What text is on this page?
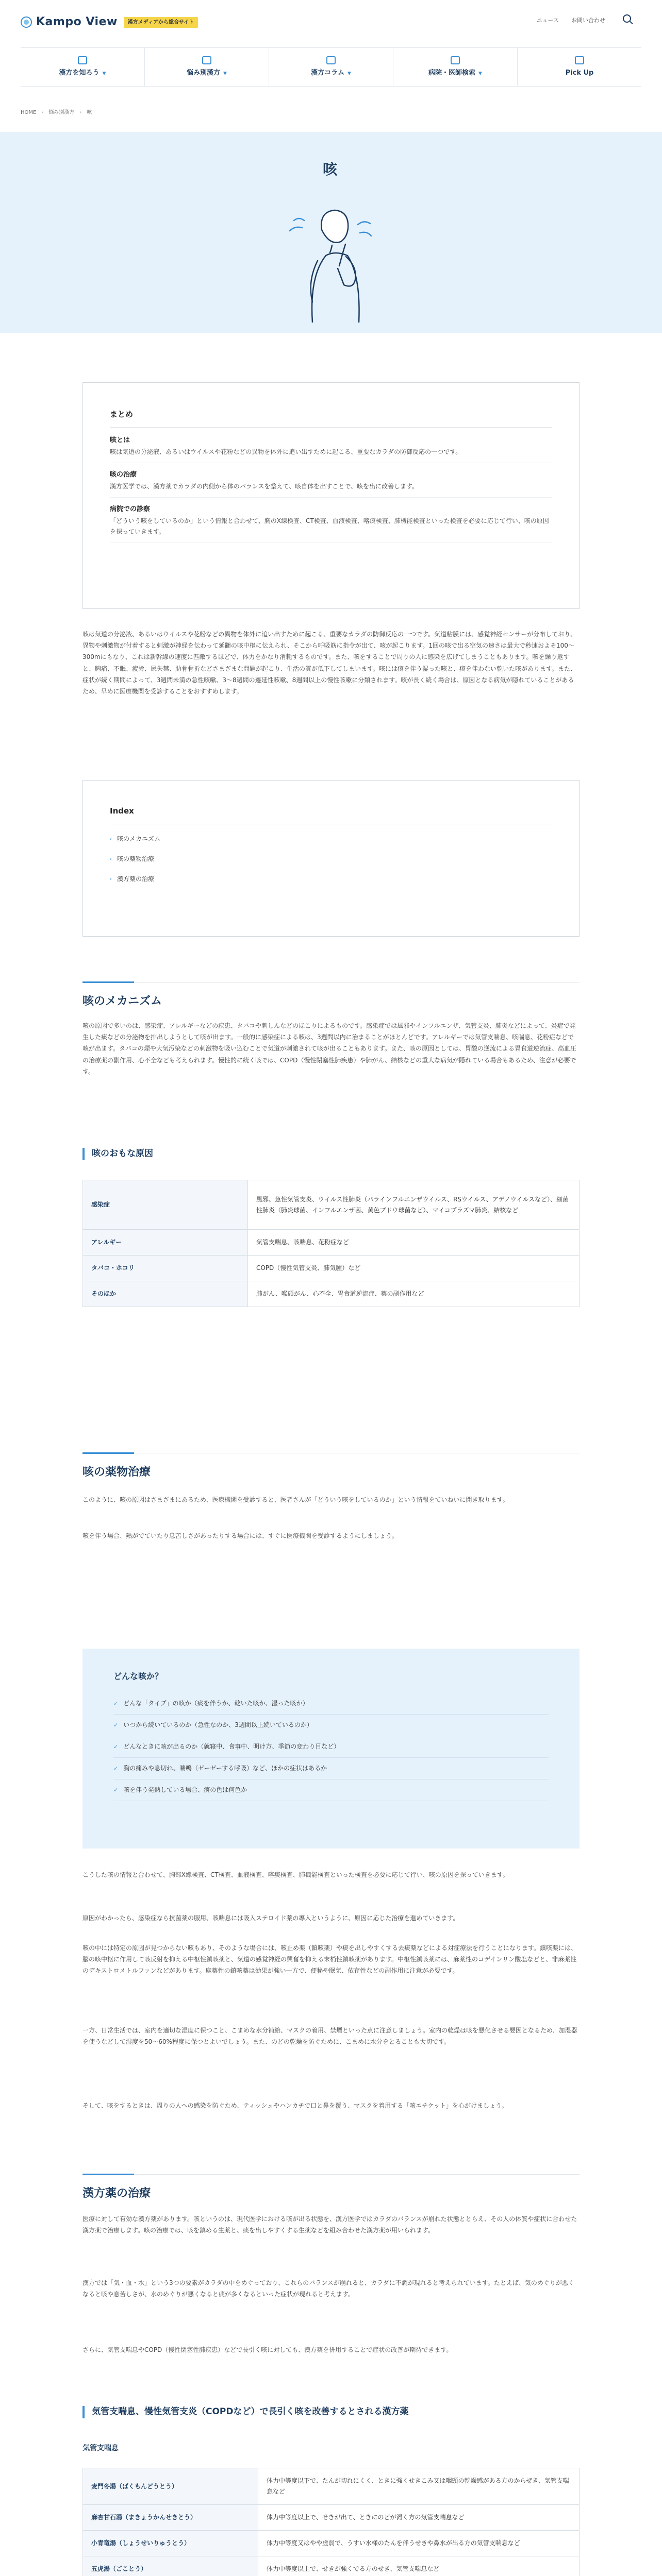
Kampo View	漢方メディアから総合サイト	ニュース お問い合わせ
漢方を知ろう ▼	悩み別漢方 ▼	漢方コラム ▼	病院・医師検索 ▼	Pick Up
HOME › 悩み別漢方 › 咳
咳
まとめ
咳とは

咳は気道の分泌液、あるいはウイルスや花粉などの異物を体外に追い出すために起こる、重要なカラダの防御反応の一つです。

咳の治療

漢方医学では、漢方薬でカラダの内側から体のバランスを整えて、咳自体を出すことで、咳を出に改善します。

病院での診察

「どういう咳をしているのか」という情報と合わせて、胸のX線検査、CT検査、血液検査、喀痰検査、肺機能検査といった検査を必要に応じて行い、咳の原因を探っていきます。

咳は気道の分泌液、あるいはウイルスや花粉などの異物を体外に追い出すために起こる、重要なカラダの防御反応の一つです。気道粘膜には、感覚神経センサーが分布しており、異物や刺激物が付着すると刺激が神経を伝わって延髄の咳中枢に伝えられ、そこから呼吸筋に指令が出て、咳が起こります。1回の咳で出る空気の速さは最大で秒速およそ100～300mにもなり、これは新幹線の速度に匹敵するほどで、体力をかなり消耗するものです。また、咳をすることで周りの人に感染を広げてしまうこともあります。咳を繰り返すと、胸痛、不眠、疲労、尿失禁、肋骨骨折などさまざまな問題が起こり、生活の質が低下してしまいます。咳には痰を伴う湿った咳と、痰を伴わない乾いた咳があります。また、症状が続く期間によって、3週間未満の急性咳嗽、3～8週間の遷延性咳嗽、8週間以上の慢性咳嗽に分類されます。咳が長く続く場合は、原因となる病気が隠れていることがあるため、早めに医療機関を受診することをおすすめします。
Index
› 咳のメカニズム
› 咳の薬物治療
› 漢方薬の治療
咳のメカニズム
咳の原因で多いのは、感染症、アレルギーなどの疾患、タバコや刺しんなどのほこりによるものです。感染症では風邪やインフルエンザ、気管支炎、肺炎などによって、炎症で発生した痰などの分泌物を排出しようとして咳が出ます。一般的に感染症による咳は、3週間以内に治まることがほとんどです。アレルギーでは気管支喘息、咳喘息、花粉症などで咳が出ます。タバコの煙や大気汚染などの刺激物を吸い込むことで気道が刺激されて咳が出ることもあります。また、咳の原因としては、胃酸の逆流による胃食道逆流症、高血圧の治療薬の副作用、心不全なども考えられます。慢性的に続く咳では、COPD（慢性閉塞性肺疾患）や肺がん、結核などの重大な病気が隠れている場合もあるため、注意が必要です。
咳のおもな原因
感染症	風邪、急性気管支炎、ウイルス性肺炎（パラインフルエンザウイルス、RSウイルス、アデノウイルスなど）、細菌性肺炎（肺炎球菌、インフルエンザ菌、黄色ブドウ球菌など）、マイコプラズマ肺炎、結核など
アレルギー	気管支喘息、咳喘息、花粉症など
タバコ・ホコリ	COPD（慢性気管支炎、肺気腫）など
そのほか	肺がん、喉頭がん、心不全、胃食道逆流症、薬の副作用など
咳の薬物治療
このように、咳の原因はさまざまにあるため、医療機関を受診すると、医者さんが「どういう咳をしているのか」という情報をていねいに聞き取ります。
咳を伴う場合、熱がでていたり息苦しさがあったりする場合には、すぐに医療機関を受診するようにしましょう。
どんな咳か？
✓ どんな「タイプ」の咳か（痰を伴うか、乾いた咳か、湿った咳か）
✓ いつから続いているのか（急性なのか、3週間以上続いているのか）
✓ どんなときに咳が出るのか（就寝中、食事中、明け方、季節の変わり目など）
✓ 胸の痛みや息切れ、喘鳴（ゼーゼーする呼吸）など、ほかの症状はあるか
✓ 咳を伴う発熱している場合、痰の色は何色か
こうした咳の情報と合わせて、胸部X線検査、CT検査、血液検査、喀痰検査、肺機能検査といった検査を必要に応じて行い、咳の原因を探っていきます。
原因がわかったら、感染症なら抗菌薬の服用、咳喘息には吸入ステロイド薬の導入というように、原因に応じた治療を進めていきます。
咳の中には特定の原因が見つからない咳もあり、そのような場合には、咳止め薬（鎮咳薬）や痰を出しやすくする去痰薬などによる対症療法を行うことになります。鎮咳薬には、脳の咳中枢に作用して咳反射を抑える中枢性鎮咳薬と、気道の感覚神経の興奮を抑える末梢性鎮咳薬があります。中枢性鎮咳薬には、麻薬性のコデインリン酸塩などと、非麻薬性のデキストロメトルファンなどがあります。麻薬性の鎮咳薬は効果が強い一方で、便秘や眠気、依存性などの副作用に注意が必要です。
一方、日常生活では、室内を適切な湿度に保つこと、こまめな水分補給、マスクの着用、禁煙といった点に注意しましょう。室内の乾燥は咳を悪化させる要因となるため、加湿器を使うなどして湿度を50～60%程度に保つとよいでしょう。また、のどの乾燥を防ぐために、こまめに水分をとることも大切です。
そして、咳をするときは、周りの人への感染を防ぐため、ティッシュやハンカチで口と鼻を覆う、マスクを着用する「咳エチケット」を心がけましょう。
漢方薬の治療
医療に対して有効な漢方薬があります。咳というのは、現代医学における咳が出る状態を、漢方医学ではカラダのバランスが崩れた状態ととらえ、その人の体質や症状に合わせた漢方薬で治療します。咳の治療では、咳を鎮める生薬と、痰を出しやすくする生薬などを組み合わせた漢方薬が用いられます。
漢方では「気・血・水」という3つの要素がカラダの中をめぐっており、これらのバランスが崩れると、カラダに不調が現れると考えられています。たとえば、気のめぐりが悪くなると咳や息苦しさが、水のめぐりが悪くなると痰が多くなるといった症状が現れると考えます。
さらに、気管支喘息やCOPD（慢性閉塞性肺疾患）などで長引く咳に対しても、漢方薬を併用することで症状の改善が期待できます。
気管支喘息、慢性気管支炎（COPDなど）で長引く咳を改善するとされる漢方薬
気管支喘息
麦門冬湯（ばくもんどうとう）	体力中等度以下で、たんが切れにくく、ときに強くせきこみ又は咽頭の乾燥感がある方のからぜき、気管支喘息など
麻杏甘石湯（まきょうかんせきとう）	体力中等度以上で、せきが出て、ときにのどが渇く方の気管支喘息など
小青竜湯（しょうせいりゅうとう）	体力中等度又はやや虚弱で、うすい水様のたんを伴うせきや鼻水が出る方の気管支喘息など
五虎湯（ごことう）	体力中等度以上で、せきが強くでる方のせき、気管支喘息など
